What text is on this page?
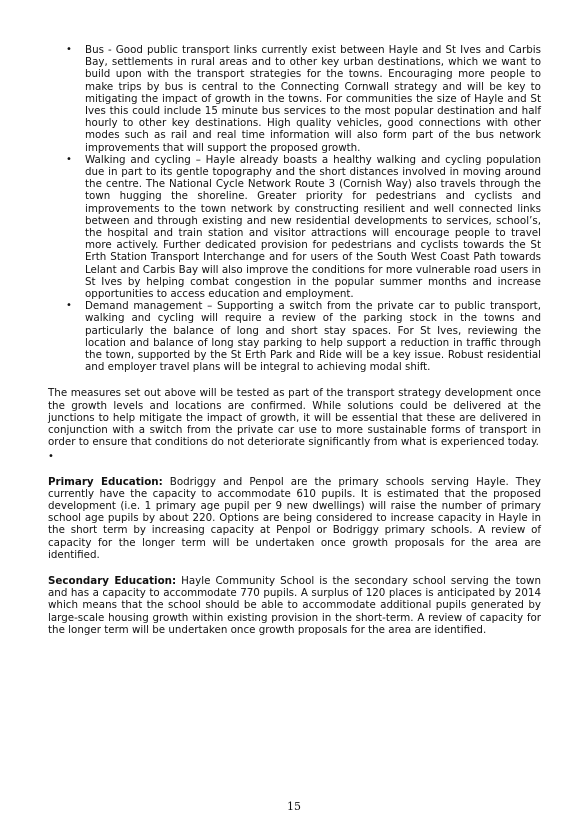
• Bus - Good public transport links currently exist between Hayle and St Ives and Carbis Bay, settlements in rural areas and to other key urban destinations, which we want to build upon with the transport strategies for the towns. Encouraging more people to make trips by bus is central to the Connecting Cornwall strategy and will be key to mitigating the impact of growth in the towns. For communities the size of Hayle and St Ives this could include 15 minute bus services to the most popular destination and half hourly to other key destinations. High quality vehicles, good connections with other modes such as rail and real time information will also form part of the bus network improvements that will support the proposed growth.
• Walking and cycling – Hayle already boasts a healthy walking and cycling population due in part to its gentle topography and the short distances involved in moving around the centre. The National Cycle Network Route 3 (Cornish Way) also travels through the town hugging the shoreline. Greater priority for pedestrians and cyclists and improvements to the town network by constructing resilient and well connected links between and through existing and new residential developments to services, school’s, the hospital and train station and visitor attractions will encourage people to travel more actively. Further dedicated provision for pedestrians and cyclists towards the St Erth Station Transport Interchange and for users of the South West Coast Path towards Lelant and Carbis Bay will also improve the conditions for more vulnerable road users in St Ives by helping combat congestion in the popular summer months and increase opportunities to access education and employment.
• Demand management – Supporting a switch from the private car to public transport, walking and cycling will require a review of the parking stock in the towns and particularly the balance of long and short stay spaces. For St Ives, reviewing the location and balance of long stay parking to help support a reduction in traffic through the town, supported by the St Erth Park and Ride will be a key issue. Robust residential and employer travel plans will be integral to achieving modal shift.

The measures set out above will be tested as part of the transport strategy development once the growth levels and locations are confirmed. While solutions could be delivered at the junctions to help mitigate the impact of growth, it will be essential that these are delivered in conjunction with a switch from the private car use to more sustainable forms of transport in order to ensure that conditions do not deteriorate significantly from what is experienced today.

•

Primary Education: Bodriggy and Penpol are the primary schools serving Hayle. They currently have the capacity to accommodate 610 pupils. It is estimated that the proposed development (i.e. 1 primary age pupil per 9 new dwellings) will raise the number of primary school age pupils by about 220. Options are being considered to increase capacity in Hayle in the short term by increasing capacity at Penpol or Bodriggy primary schools. A review of capacity for the longer term will be undertaken once growth proposals for the area are identified.

Secondary Education: Hayle Community School is the secondary school serving the town and has a capacity to accommodate 770 pupils. A surplus of 120 places is anticipated by 2014 which means that the school should be able to accommodate additional pupils generated by large-scale housing growth within existing provision in the short-term. A review of capacity for the longer term will be undertaken once growth proposals for the area are identified.

15
